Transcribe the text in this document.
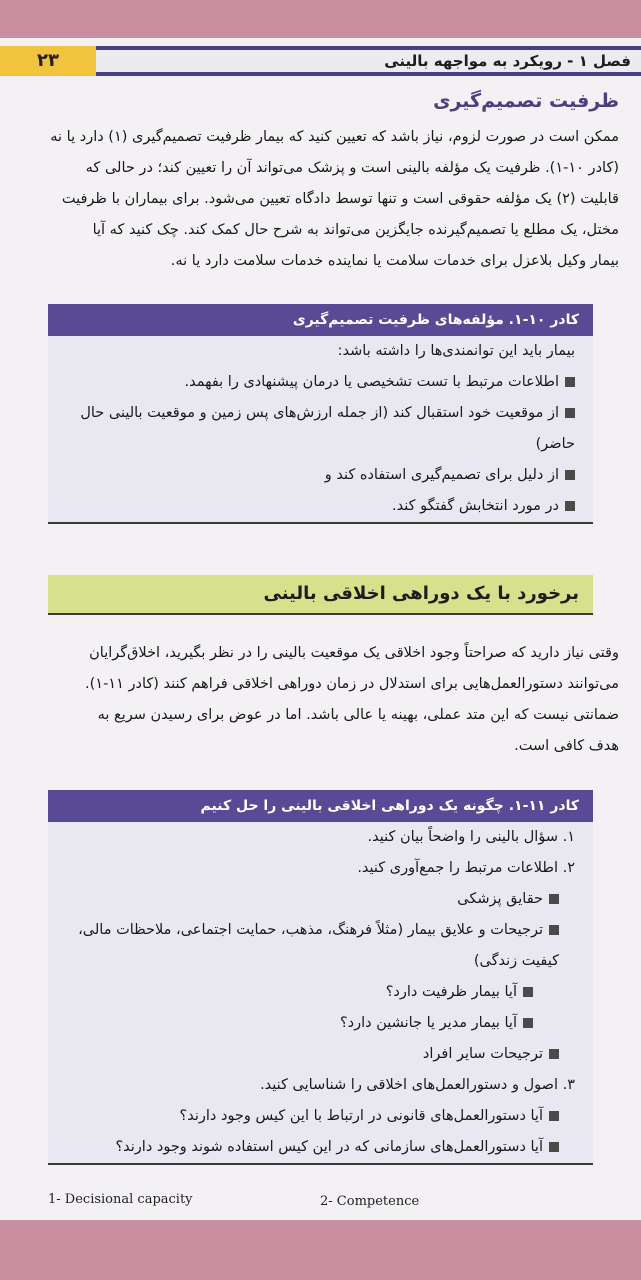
۲۳	فصل ۱ - رویکرد به مواجهه بالینی
ظرفیت تصمیم‌گیری
ممکن است در صورت لزوم، نیاز باشد که تعیین کنید که بیمار ظرفیت تصمیم‌گیری (۱) دارد یا نه
(کادر ۱۰-۱). ظرفیت یک مؤلفه بالینی است و پزشک می‌تواند آن را تعیین کند؛ در حالی که
قابلیت (۲) یک مؤلفه حقوقی است و تنها توسط دادگاه تعیین می‌شود. برای بیماران با ظرفیت
مختل، یک مطلع یا تصمیم‌گیرنده جایگزین می‌تواند به شرح حال کمک کند. چک کنید که آیا
بیمار وکیل بلاعزل برای خدمات سلامت یا نماینده خدمات سلامت دارد یا نه.
کادر ۱۰-۱. مؤلفه‌های ظرفیت تصمیم‌گیری
بیمار باید این توانمندی‌ها را داشته باشد:
اطلاعات مرتبط با تست تشخیصی یا درمان پیشنهادی را بفهمد.
از موقعیت خود استقبال کند (از جمله ارزش‌های پس زمین و موقعیت بالینی حال
حاضر)
از دلیل برای تصمیم‌گیری استفاده کند و
در مورد انتخابش گفتگو کند.
برخورد با یک دوراهی اخلاقی بالینی
وقتی نیاز دارید که صراحتاً وجود اخلاقی یک موقعیت بالینی را در نظر بگیرید، اخلاق‌گرایان
می‌توانند دستورالعمل‌هایی برای استدلال در زمان دوراهی اخلاقی فراهم کنند (کادر ۱۱-۱).
ضمانتی نیست که این متد عملی، بهینه یا عالی باشد. اما در عوض برای رسیدن سریع به
هدف کافی است.
کادر ۱۱-۱. چگونه یک دوراهی اخلاقی بالینی را حل کنیم
۱. سؤال بالینی را واضحاً بیان کنید.
۲. اطلاعات مرتبط را جمع‌آوری کنید.
حقایق پزشکی
ترجیحات و علایق بیمار (مثلاً فرهنگ، مذهب، حمایت اجتماعی، ملاحظات مالی،
کیفیت زندگی)
آیا بیمار ظرفیت دارد؟
آیا بیمار مدیر یا جانشین دارد؟
ترجیحات سایر افراد
۳. اصول و دستورالعمل‌های اخلاقی را شناسایی کنید.
آیا دستورالعمل‌های قانونی در ارتباط با این کیس وجود دارند؟
آیا دستورالعمل‌های سازمانی که در این کیس استفاده شوند وجود دارند؟
1- Decisional capacity	2- Competence
